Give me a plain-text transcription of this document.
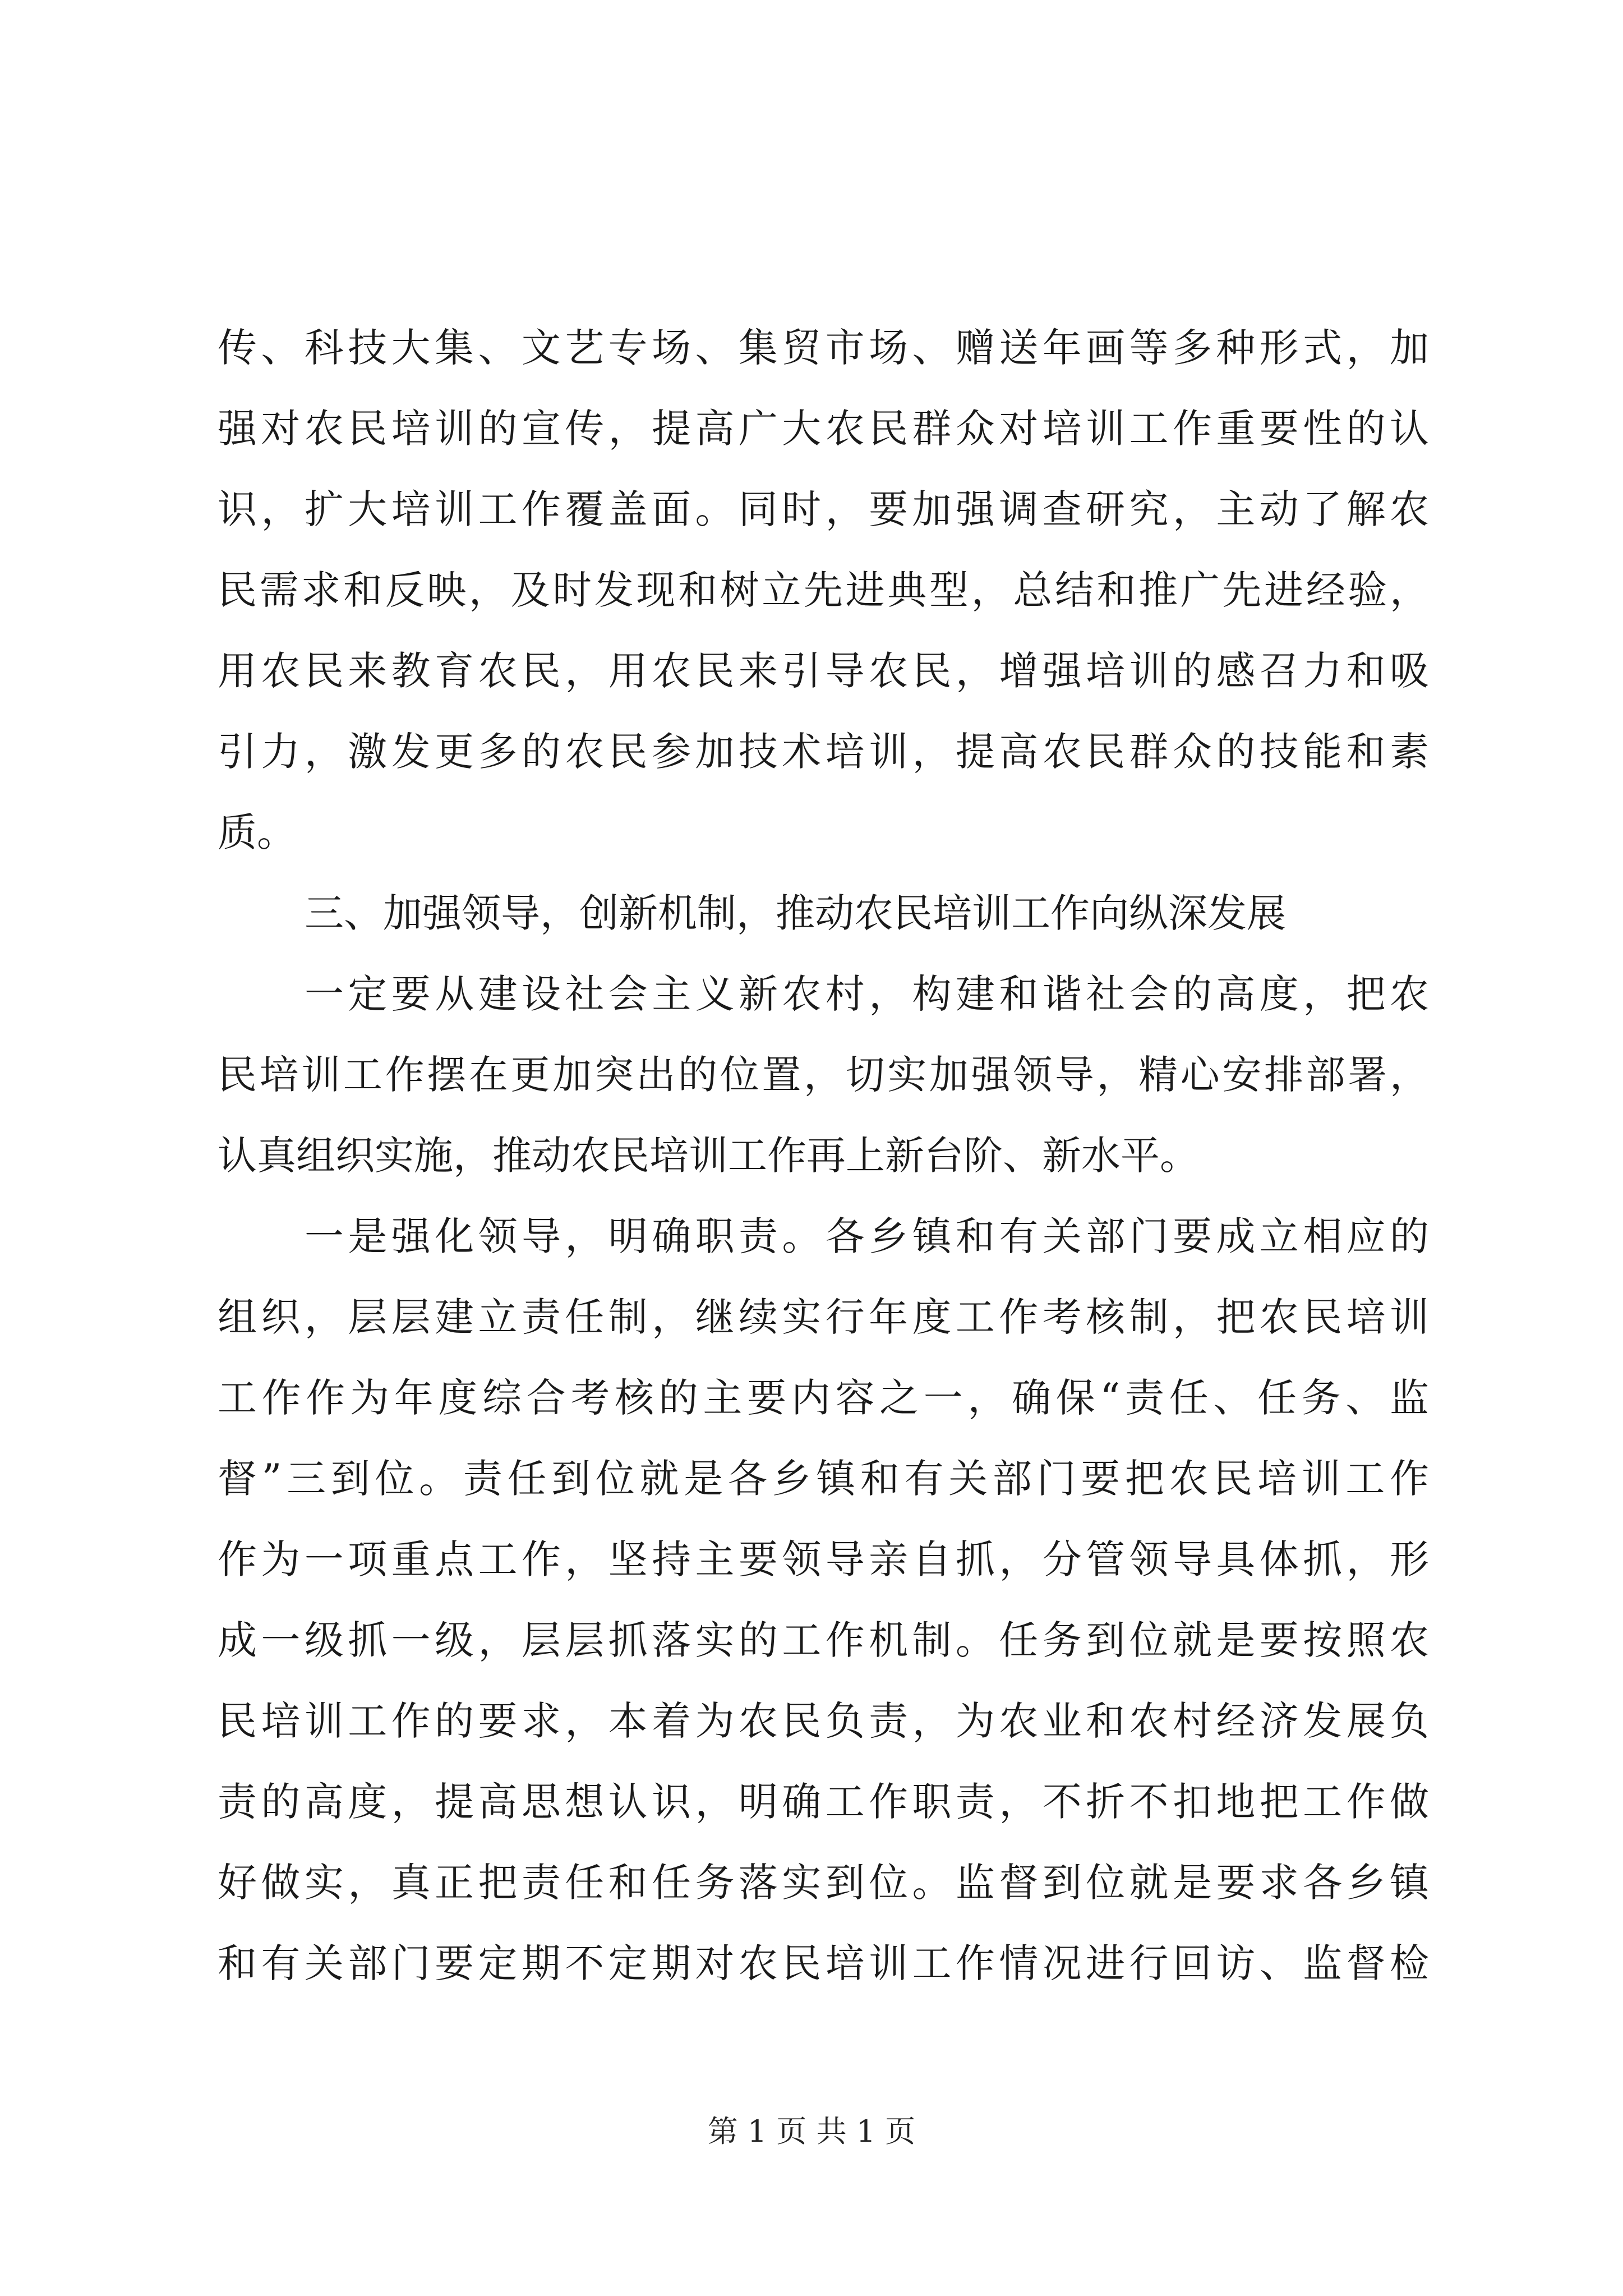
传、科技大集、文艺专场、集贸市场、赠送年画等多种形式，加
强对农民培训的宣传，提高广大农民群众对培训工作重要性的认
识，扩大培训工作覆盖面。同时，要加强调查研究，主动了解农
民需求和反映，及时发现和树立先进典型，总结和推广先进经验，
用农民来教育农民，用农民来引导农民，增强培训的感召力和吸
引力，激发更多的农民参加技术培训，提高农民群众的技能和素
质。
三、加强领导，创新机制，推动农民培训工作向纵深发展
一定要从建设社会主义新农村，构建和谐社会的高度，把农
民培训工作摆在更加突出的位置，切实加强领导，精心安排部署，
认真组织实施，推动农民培训工作再上新台阶、新水平。
一是强化领导，明确职责。各乡镇和有关部门要成立相应的
组织，层层建立责任制，继续实行年度工作考核制，把农民培训
工作作为年度综合考核的主要内容之一，确保“责任、任务、监
督”三到位。责任到位就是各乡镇和有关部门要把农民培训工作
作为一项重点工作，坚持主要领导亲自抓，分管领导具体抓，形
成一级抓一级，层层抓落实的工作机制。任务到位就是要按照农
民培训工作的要求，本着为农民负责，为农业和农村经济发展负
责的高度，提高思想认识，明确工作职责，不折不扣地把工作做
好做实，真正把责任和任务落实到位。监督到位就是要求各乡镇
和有关部门要定期不定期对农民培训工作情况进行回访、监督检
第 1 页 共 1 页
